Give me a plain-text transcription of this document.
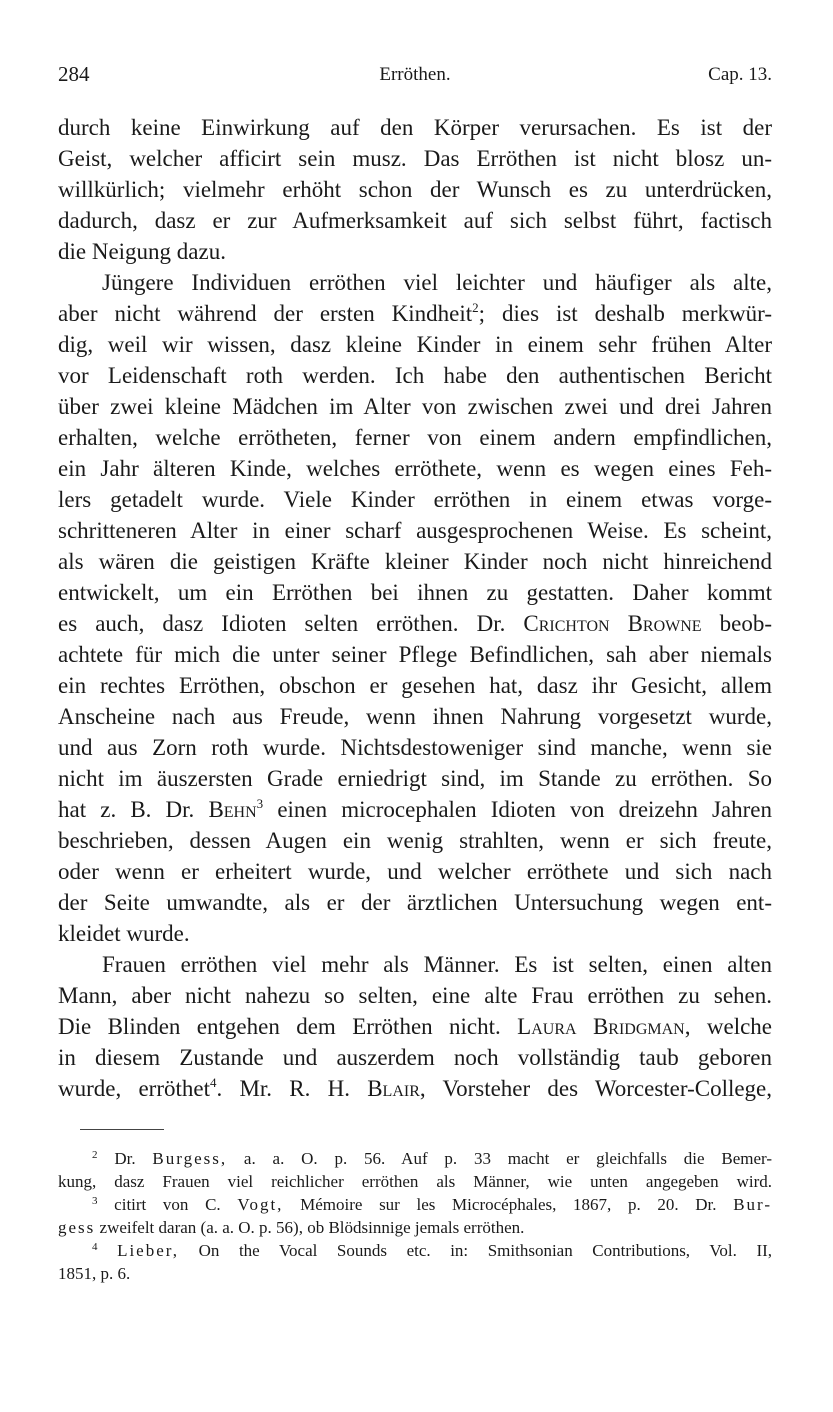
284	Erröthen.	Cap. 13.
durch keine Einwirkung auf den Körper verursachen. Es ist der
Geist, welcher afficirt sein musz. Das Erröthen ist nicht blosz un-
willkürlich; vielmehr erhöht schon der Wunsch es zu unterdrücken,
dadurch, dasz er zur Aufmerksamkeit auf sich selbst führt, factisch
die Neigung dazu.
Jüngere Individuen erröthen viel leichter und häufiger als alte,
aber nicht während der ersten Kindheit$^2$; dies ist deshalb merkwür-
dig, weil wir wissen, dasz kleine Kinder in einem sehr frühen Alter
vor Leidenschaft roth werden. Ich habe den authentischen Bericht
über zwei kleine Mädchen im Alter von zwischen zwei und drei Jahren
erhalten, welche errötheten, ferner von einem andern empfindlichen,
ein Jahr älteren Kinde, welches erröthete, wenn es wegen eines Feh-
lers getadelt wurde. Viele Kinder erröthen in einem etwas vorge-
schritteneren Alter in einer scharf ausgesprochenen Weise. Es scheint,
als wären die geistigen Kräfte kleiner Kinder noch nicht hinreichend
entwickelt, um ein Erröthen bei ihnen zu gestatten. Daher kommt
es auch, dasz Idioten selten erröthen. Dr. Crichton Browne beob-
achtete für mich die unter seiner Pflege Befindlichen, sah aber niemals
ein rechtes Erröthen, obschon er gesehen hat, dasz ihr Gesicht, allem
Anscheine nach aus Freude, wenn ihnen Nahrung vorgesetzt wurde,
und aus Zorn roth wurde. Nichtsdestoweniger sind manche, wenn sie
nicht im äuszersten Grade erniedrigt sind, im Stande zu erröthen. So
hat z. B. Dr. Behn$^3$ einen microcephalen Idioten von dreizehn Jahren
beschrieben, dessen Augen ein wenig strahlten, wenn er sich freute,
oder wenn er erheitert wurde, und welcher erröthete und sich nach
der Seite umwandte, als er der ärztlichen Untersuchung wegen ent-
kleidet wurde.
Frauen erröthen viel mehr als Männer. Es ist selten, einen alten
Mann, aber nicht nahezu so selten, eine alte Frau erröthen zu sehen.
Die Blinden entgehen dem Erröthen nicht. Laura Bridgman, welche
in diesem Zustande und auszerdem noch vollständig taub geboren
wurde, erröthet$^4$. Mr. R. H. Blair, Vorsteher des Worcester-College,
$^2$ Dr. Burgess, a. a. O. p. 56. Auf p. 33 macht er gleichfalls die Bemer-
kung, dasz Frauen viel reichlicher erröthen als Männer, wie unten angegeben wird.
$^3$ citirt von C. Vogt, Mémoire sur les Microcéphales, 1867, p. 20. Dr. Bur-
gess zweifelt daran (a. a. O. p. 56), ob Blödsinnige jemals erröthen.
$^4$ Lieber, On the Vocal Sounds etc. in: Smithsonian Contributions, Vol. II,
1851, p. 6.
